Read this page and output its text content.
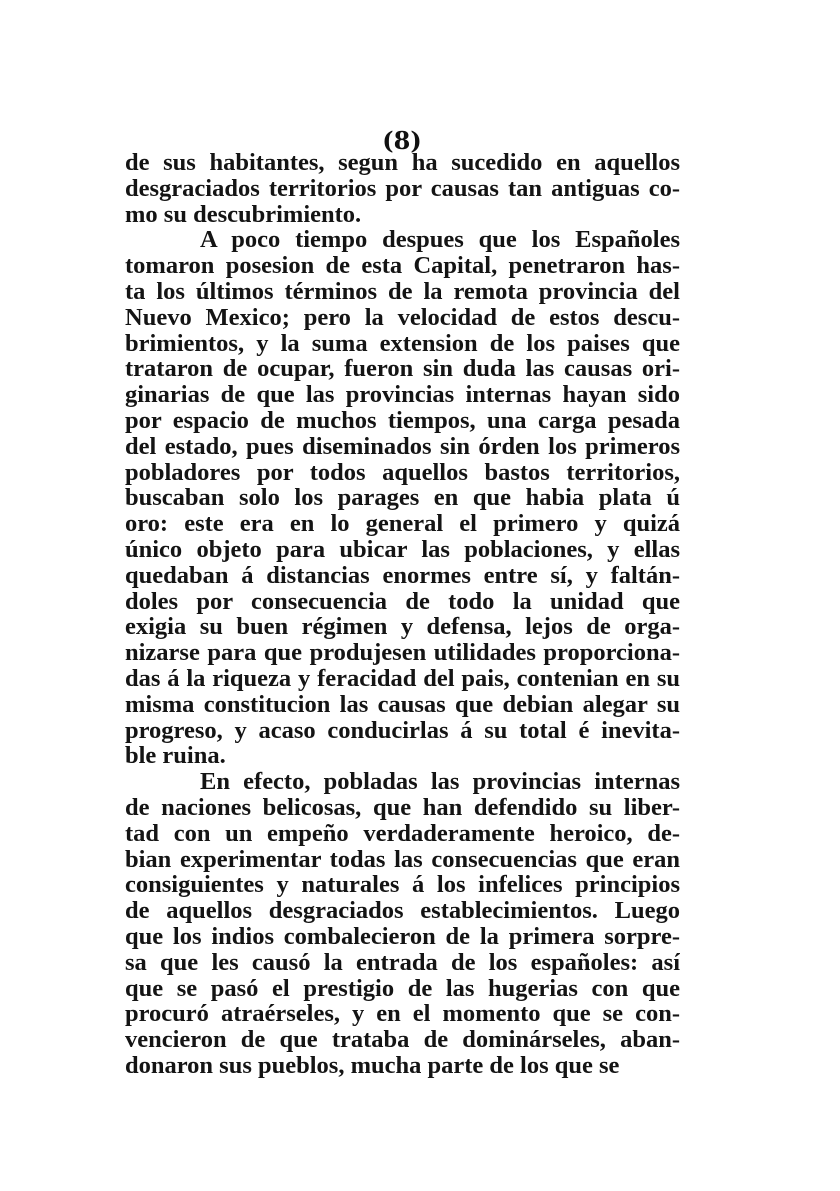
(8)
de sus habitantes, segun ha sucedido en aquellos
desgraciados territorios por causas tan antiguas co-
mo su descubrimiento.
A poco tiempo despues que los Españoles
tomaron posesion de esta Capital, penetraron has-
ta los últimos términos de la remota provincia del
Nuevo Mexico; pero la velocidad de estos descu-
brimientos, y la suma extension de los paises que
trataron de ocupar, fueron sin duda las causas ori-
ginarias de que las provincias internas hayan sido
por espacio de muchos tiempos, una carga pesada
del estado, pues diseminados sin órden los primeros
pobladores por todos aquellos bastos territorios,
buscaban solo los parages en que habia plata ú
oro: este era en lo general el primero y quizá
único objeto para ubicar las poblaciones, y ellas
quedaban á distancias enormes entre sí, y faltán-
doles por consecuencia de todo la unidad que
exigia su buen régimen y defensa, lejos de orga-
nizarse para que produjesen utilidades proporciona-
das á la riqueza y feracidad del pais, contenian en su
misma constitucion las causas que debian alegar su
progreso, y acaso conducirlas á su total é inevita-
ble ruina.
En efecto, pobladas las provincias internas
de naciones belicosas, que han defendido su liber-
tad con un empeño verdaderamente heroico, de-
bian experimentar todas las consecuencias que eran
consiguientes y naturales á los infelices principios
de aquellos desgraciados establecimientos. Luego
que los indios combalecieron de la primera sorpre-
sa que les causó la entrada de los españoles: así
que se pasó el prestigio de las hugerias con que
procuró atraérseles, y en el momento que se con-
vencieron de que trataba de dominárseles, aban-
donaron sus pueblos, mucha parte de los que se
